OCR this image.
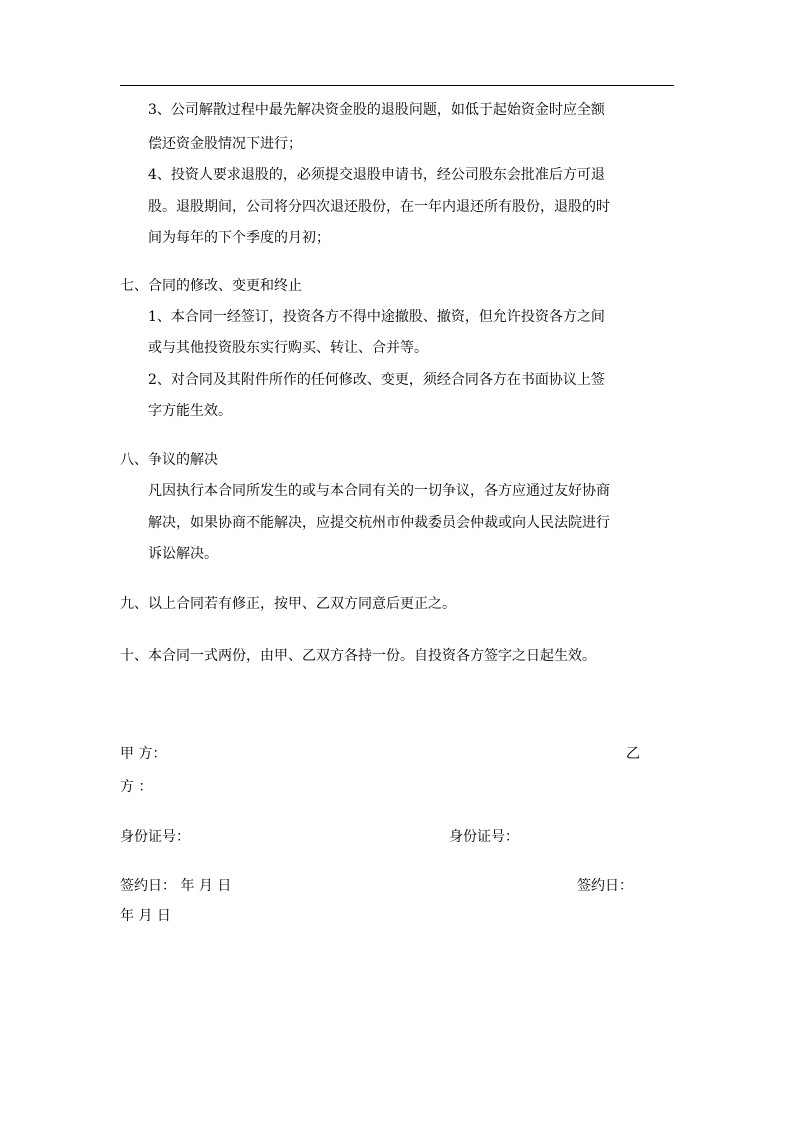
3、公司解散过程中最先解决资金股的退股问题，如低于起始资金时应全额
偿还资金股情况下进行；
4、投资人要求退股的，必须提交退股申请书，经公司股东会批准后方可退
股。退股期间，公司将分四次退还股份，在一年内退还所有股份，退股的时
间为每年的下个季度的月初；
七、合同的修改、变更和终止
1、本合同一经签订，投资各方不得中途撤股、撤资，但允许投资各方之间
或与其他投资股东实行购买、转让、合并等。
2、对合同及其附件所作的任何修改、变更，须经合同各方在书面协议上签
字方能生效。
八、争议的解决
凡因执行本合同所发生的或与本合同有关的一切争议，各方应通过友好协商
解决，如果协商不能解决，应提交杭州市仲裁委员会仲裁或向人民法院进行
诉讼解决。
九、以上合同若有修正，按甲、乙双方同意后更正之。
十、本合同一式两份，由甲、乙双方各持一份。自投资各方签字之日起生效。
甲 方：	乙
方 ：
身份证号：	身份证号：
签约日： 年 月 日	签约日：
年 月 日
